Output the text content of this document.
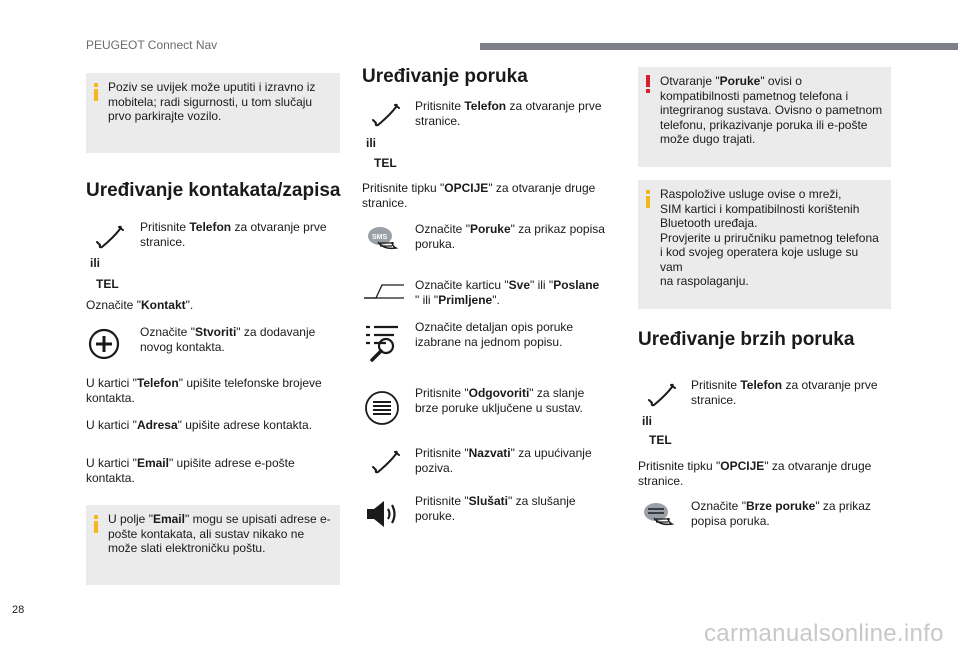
PEUGEOT Connect Nav
Poziv se uvijek može uputiti i izravno iz
mobitela; radi sigurnosti, u tom slučaju
prvo parkirajte vozilo.
Uređivanje kontakata/zapisa
Pritisnite Telefon za otvaranje prve stranice.
ili
TEL
Označite "Kontakt".
Označite "Stvoriti" za dodavanje novog kontakta.
U kartici "Telefon" upišite telefonske brojeve kontakta.
U kartici "Adresa" upišite adrese kontakta.
U kartici "Email" upišite adrese e-pošte kontakta.
U polje "Email" mogu se upisati adrese e-pošte kontakata, ali sustav nikako ne može slati elektroničku poštu.
Uređivanje poruka
Pritisnite Telefon za otvaranje prve stranice.
ili
TEL
Pritisnite tipku "OPCIJE" za otvaranje druge stranice.
SMS
Označite "Poruke" za prikaz popisa poruka.
Označite karticu "Sve" ili "Poslane
" ili "Primljene".
Označite detaljan opis poruke izabrane na jednom popisu.
Pritisnite "Odgovoriti" za slanje brze poruke uključene u sustav.
Pritisnite "Nazvati" za upućivanje poziva.
Pritisnite "Slušati" za slušanje poruke.
Otvaranje "Poruke" ovisi o kompatibilnosti pametnog telefona i integriranog sustava. Ovisno o pametnom telefonu, prikazivanje poruka ili e-pošte može dugo trajati.
Raspoložive usluge ovise o mreži,
SIM kartici i kompatibilnosti korištenih
Bluetooth uređaja.
Provjerite u priručniku pametnog telefona
i kod svojeg operatera koje usluge su vam
na raspolaganju.
Uređivanje brzih poruka
Pritisnite Telefon za otvaranje prve stranice.
ili
TEL
Pritisnite tipku "OPCIJE" za otvaranje druge stranice.
Označite "Brze poruke" za prikaz popisa poruka.
28
carmanualsonline.info
